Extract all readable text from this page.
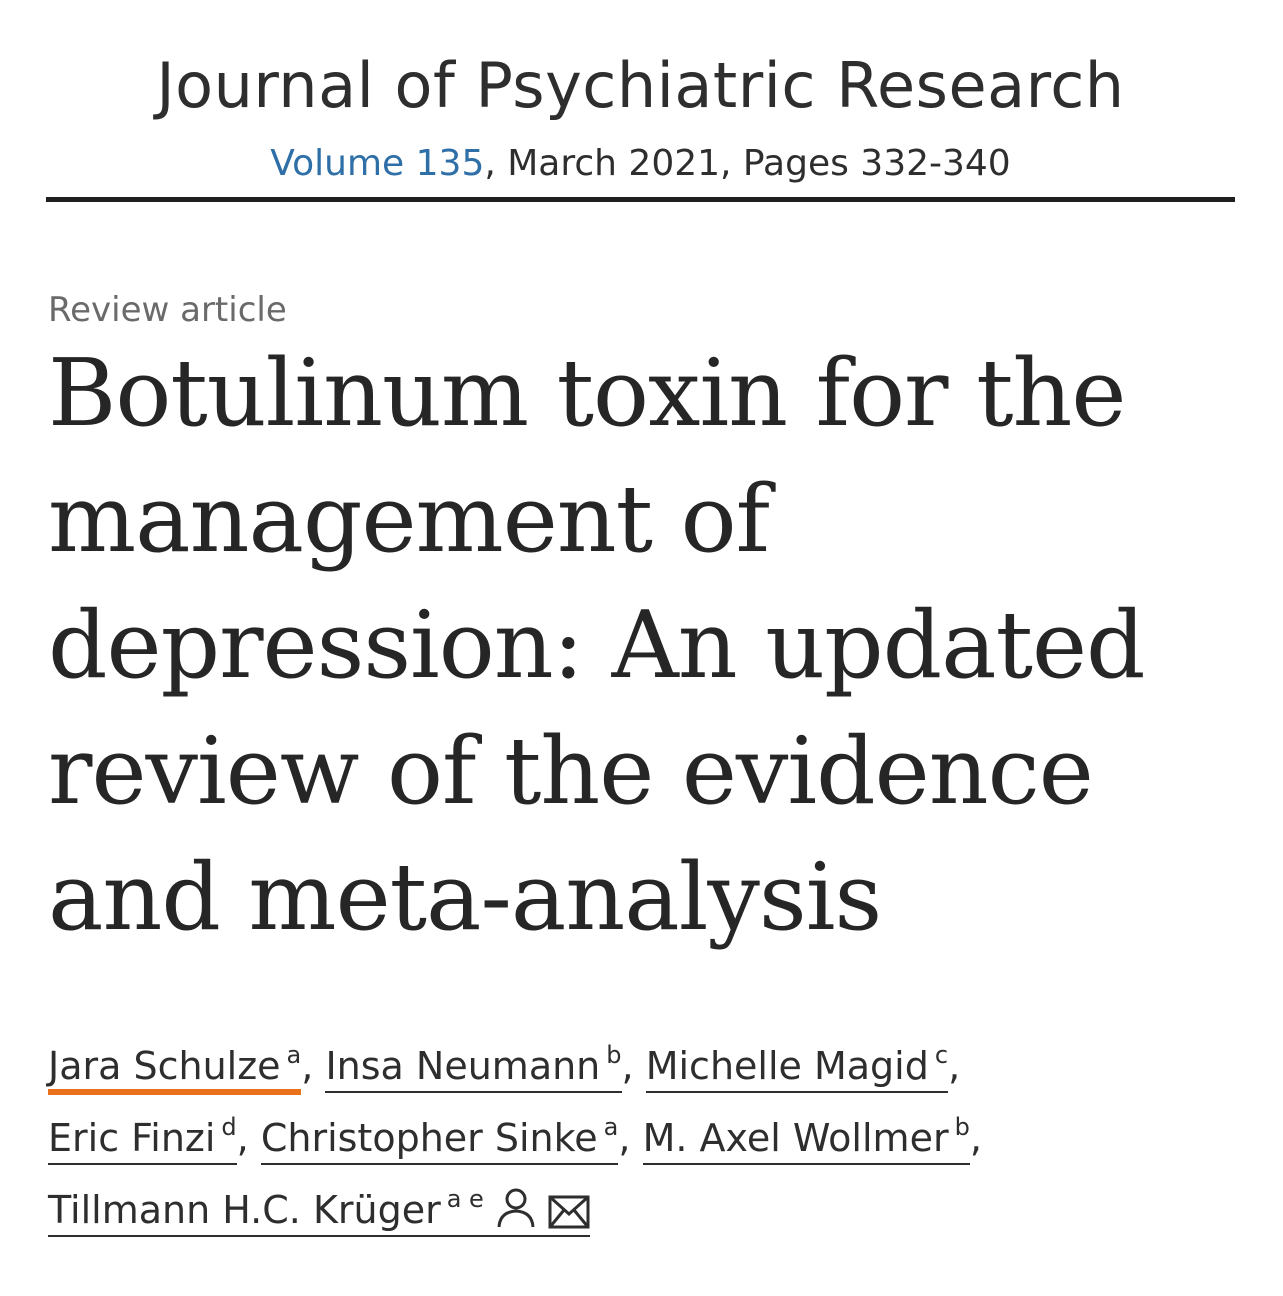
Journal of Psychiatric Research
Volume 135, March 2021, Pages 332-340
Review article
Botulinum toxin for the management of depression: An updated review of the evidence and meta-analysis
Jara Schulze $^a$, Insa Neumann $^b$, Michelle Magid $^c$,
Eric Finzi $^d$, Christopher Sinke $^a$, M. Axel Wollmer $^b$,
Tillmann H.C. Krüger $^{a e}$
